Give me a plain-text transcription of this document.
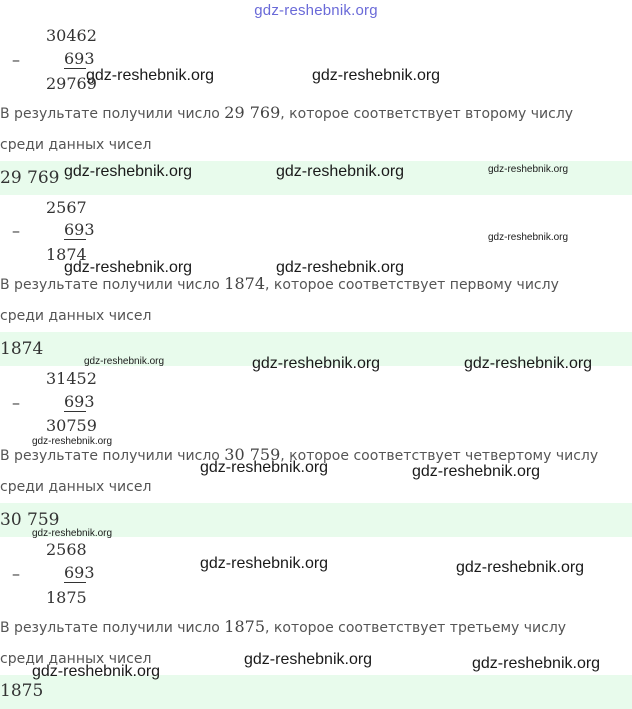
gdz-reshebnik.org
30462
–	693
29769
В результате получили число 29 769, которое соответствует второму числу
среди данных чисел
29 769
2567
–	693
1874
В результате получили число 1874, которое соответствует первому числу
среди данных чисел
1874
31452
–	693
30759
В результате получили число 30 759, которое соответствует четвертому числу
среди данных чисел
30 759
2568
–	693
1875
В результате получили число 1875, которое соответствует третьему числу
среди данных чисел
1875
gdz-reshebnik.org	gdz-reshebnik.org
gdz-reshebnik.org	gdz-reshebnik.org	gdz-reshebnik.org
gdz-reshebnik.org
gdz-reshebnik.org	gdz-reshebnik.org
gdz-reshebnik.org	gdz-reshebnik.org	gdz-reshebnik.org
gdz-reshebnik.org
gdz-reshebnik.org	gdz-reshebnik.org
gdz-reshebnik.org
gdz-reshebnik.org	gdz-reshebnik.org
gdz-reshebnik.org	gdz-reshebnik.org
gdz-reshebnik.org
